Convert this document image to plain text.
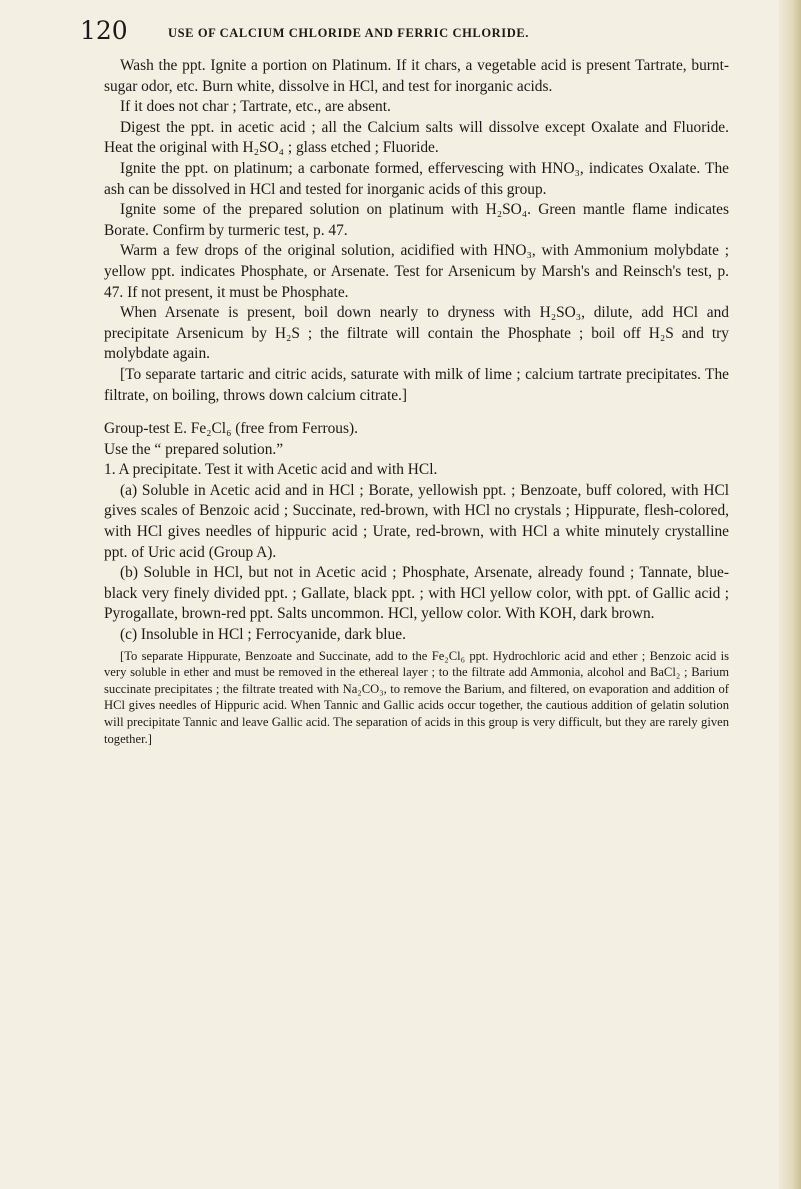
120	USE OF CALCIUM CHLORIDE AND FERRIC CHLORIDE.

Wash the ppt. Ignite a portion on Platinum. If it chars, a vegetable acid is present Tartrate, burnt-sugar odor, etc. Burn white, dissolve in HCl, and test for inorganic acids.

If it does not char ; Tartrate, etc., are absent.

Digest the ppt. in acetic acid ; all the Calcium salts will dissolve except Oxalate and Fluoride. Heat the original with H₂SO₄ ; glass etched ; Fluoride.

Ignite the ppt. on platinum; a carbonate formed, effervescing with HNO₃, indicates Oxalate. The ash can be dissolved in HCl and tested for inorganic acids of this group.

Ignite some of the prepared solution on platinum with H₂SO₄. Green mantle flame indicates Borate. Confirm by turmeric test, p. 47.

Warm a few drops of the original solution, acidified with HNO₃, with Ammonium molybdate ; yellow ppt. indicates Phosphate, or Arsenate. Test for Arsenicum by Marsh's and Reinsch's test, p. 47. If not present, it must be Phosphate.

When Arsenate is present, boil down nearly to dryness with H₂SO₃, dilute, add HCl and precipitate Arsenicum by H₂S ; the filtrate will contain the Phosphate ; boil off H₂S and try molybdate again.

[To separate tartaric and citric acids, saturate with milk of lime ; calcium tartrate precipitates. The filtrate, on boiling, throws down calcium citrate.]

Group-test E. Fe₂Cl₆ (free from Ferrous).

Use the “ prepared solution.”

1. A precipitate. Test it with Acetic acid and with HCl.

(a) Soluble in Acetic acid and in HCl ; Borate, yellowish ppt. ; Benzoate, buff colored, with HCl gives scales of Benzoic acid ; Succinate, red-brown, with HCl no crystals ; Hippurate, flesh-colored, with HCl gives needles of hippuric acid ; Urate, red-brown, with HCl a white minutely crystalline ppt. of Uric acid (Group A).

(b) Soluble in HCl, but not in Acetic acid ; Phosphate, Arsenate, already found ; Tannate, blue-black very finely divided ppt. ; Gallate, black ppt. ; with HCl yellow color, with ppt. of Gallic acid ; Pyrogallate, brown-red ppt. Salts uncommon. HCl, yellow color. With KOH, dark brown.

(c) Insoluble in HCl ; Ferrocyanide, dark blue.

[To separate Hippurate, Benzoate and Succinate, add to the Fe₂Cl₆ ppt. Hydrochloric acid and ether ; Benzoic acid is very soluble in ether and must be removed in the ethereal layer ; to the filtrate add Ammonia, alcohol and BaCl₂ ; Barium succinate precipitates ; the filtrate treated with Na₂CO₃, to remove the Barium, and filtered, on evaporation and addition of HCl gives needles of Hippuric acid. When Tannic and Gallic acids occur together, the cautious addition of gelatin solution will precipitate Tannic and leave Gallic acid. The separation of acids in this group is very difficult, but they are rarely given together.]
